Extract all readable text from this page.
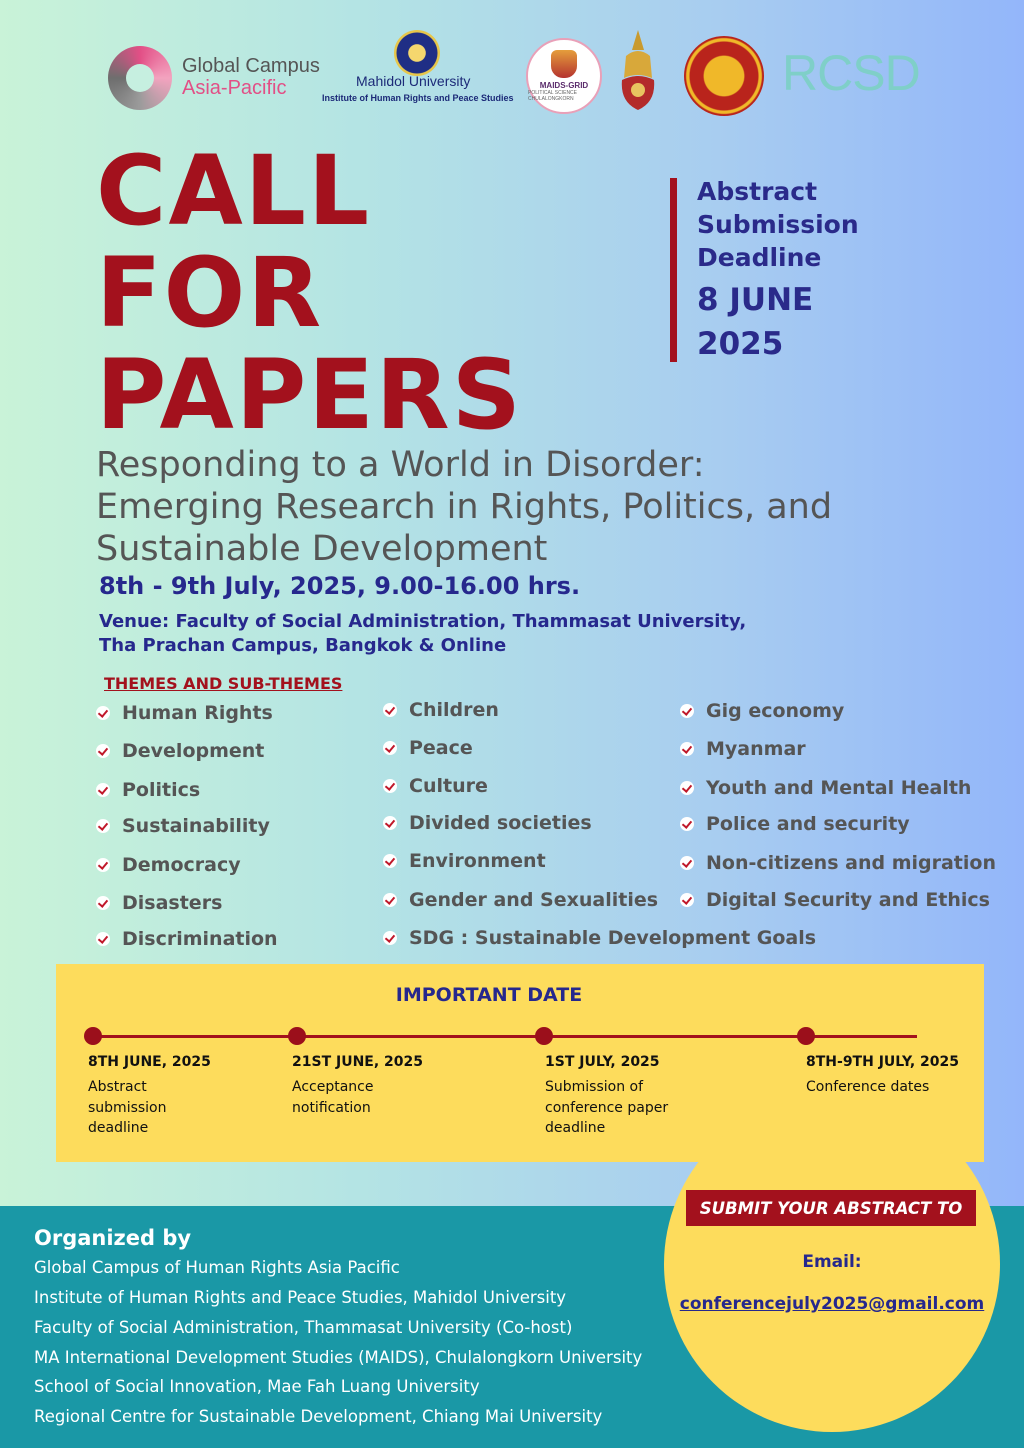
Global Campus
Asia-Pacific	Mahidol University
Institute of Human Rights and Peace Studies
MAIDS-GRID
POLITICAL SCIENCE CHULALONGKORN	RCSD
CALL
FOR
PAPERS
Abstract
Submission
Deadline
8 JUNE
2025
Responding to a World in Disorder:
Emerging Research in Rights, Politics, and
Sustainable Development
8th - 9th July, 2025, 9.00-16.00 hrs.
Venue: Faculty of Social Administration, Thammasat University,
Tha Prachan Campus, Bangkok & Online
THEMES AND SUB-THEMES
Human Rights
Development
Politics
Sustainability
Democracy
Disasters
Discrimination
Children
Peace
Culture
Divided societies
Environment
Gender and Sexualities
SDG : Sustainable Development Goals
Gig economy
Myanmar
Youth and Mental Health
Police and security
Non-citizens and migration
Digital Security and Ethics
IMPORTANT DATE
8TH JUNE, 2025
Abstract
submission
deadline
21ST JUNE, 2025
Acceptance
notification
1ST JULY, 2025
Submission of
conference paper
deadline
8TH-9TH JULY, 2025
Conference dates
Organized by
Global Campus of Human Rights Asia Pacific
Institute of Human Rights and Peace Studies, Mahidol University
Faculty of Social Administration, Thammasat University (Co-host)
MA International Development Studies (MAIDS), Chulalongkorn University
School of Social Innovation, Mae Fah Luang University
Regional Centre for Sustainable Development, Chiang Mai University
SUBMIT YOUR ABSTRACT TO
Email:
conferencejuly2025@gmail.com
